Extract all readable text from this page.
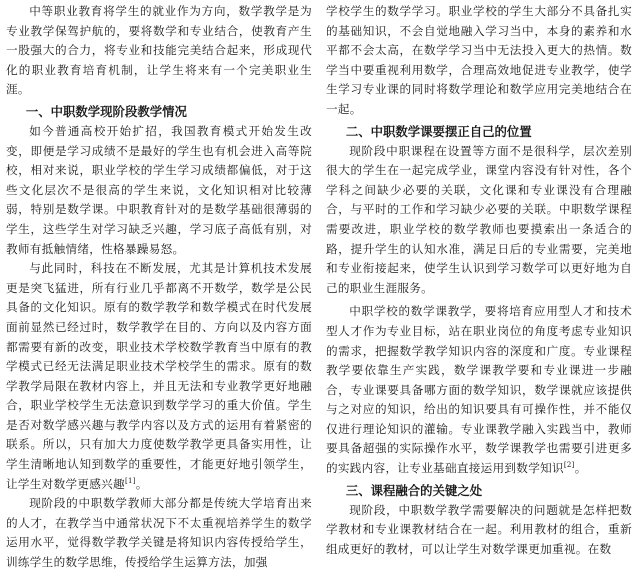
中等职业教育将学生的就业作为方向，数学教学是为专业教学保驾护航的，要将数学和专业结合，使教育产生一股强大的合力，将专业和技能完美结合起来，形成现代化的职业教育培育机制，让学生将来有一个完美职业生涯。

一、中职数学现阶段教学情况

如今普通高校开始扩招，我国教育模式开始发生改变，即便是学习成绩不是最好的学生也有机会进入高等院校，相对来说，职业学校的学生学习成绩都偏低，对于这些文化层次不是很高的学生来说，文化知识相对比较薄弱，特别是数学课。中职教育针对的是数学基础很薄弱的学生，这些学生对学习缺乏兴趣，学习底子高低有别，对教师有抵触情绪，性格暴躁易怒。

与此同时，科技在不断发展，尤其是计算机技术发展更是突飞猛进，所有行业几乎都离不开数学，数学是公民具备的文化知识。原有的数学教学和数学模式在时代发展面前显然已经过时，数学教学在目的、方向以及内容方面都需要有新的改变，职业技术学校数学教育当中原有的教学模式已经无法满足职业技术学校学生的需求。原有的数学教学局限在教材内容上，并且无法和专业教学更好地融合，职业学校学生无法意识到数学学习的重大价值。学生是否对数学感兴趣与教学内容以及方式的运用有着紧密的联系。所以，只有加大力度使数学教学更具备实用性，让学生清晰地认知到数学的重要性，才能更好地引领学生，让学生对数学更感兴趣[1]。

现阶段的中职数学教师大部分都是传统大学培育出来的人才，在教学当中通常状况下不太重视培养学生的数学运用水平，觉得数学教学关键是将知识内容传授给学生，训练学生的数学思维，传授给学生运算方法，加强

学校学生的数学学习。职业学校的学生大部分不具备扎实的基础知识，不会自觉地融入学习当中，本身的素养和水平都不会太高，在数学学习当中无法投入更大的热情。数学当中要重视利用数学，合理高效地促进专业教学，使学生学习专业课的同时将数学理论和数学应用完美地结合在一起。

二、中职数学课要摆正自己的位置

现阶段中职课程在设置等方面不是很科学，层次差别很大的学生在一起完成学业，课堂内容没有针对性，各个学科之间缺少必要的关联，文化课和专业课没有合理融合，与平时的工作和学习缺少必要的关联。中职数学课程需要改进，职业学校的数学教师也要摸索出一条适合的路，提升学生的认知水准，满足日后的专业需要，完美地和专业衔接起来，使学生认识到学习数学可以更好地为自己的职业生涯服务。

中职学校的数学课教学，要将培育应用型人才和技术型人才作为专业目标，站在职业岗位的角度考虑专业知识的需求，把握数学教学知识内容的深度和广度。专业课程教学要依靠生产实践，数学课教学要和专业课进一步融合，专业课要具备哪方面的数学知识，数学课就应该提供与之对应的知识，给出的知识要具有可操作性，并不能仅仅进行理论知识的灌输。专业课教学融入实践当中，教师要具备超强的实际操作水平，数学课教学也需要引进更多的实践内容，让专业基础直接运用到数学知识[2]。

三、课程融合的关键之处

现阶段，中职数学教学需要解决的问题就是怎样把数学教材和专业课教材结合在一起。利用教材的组合，重新组成更好的教材，可以让学生对数学课更加重视。在数
